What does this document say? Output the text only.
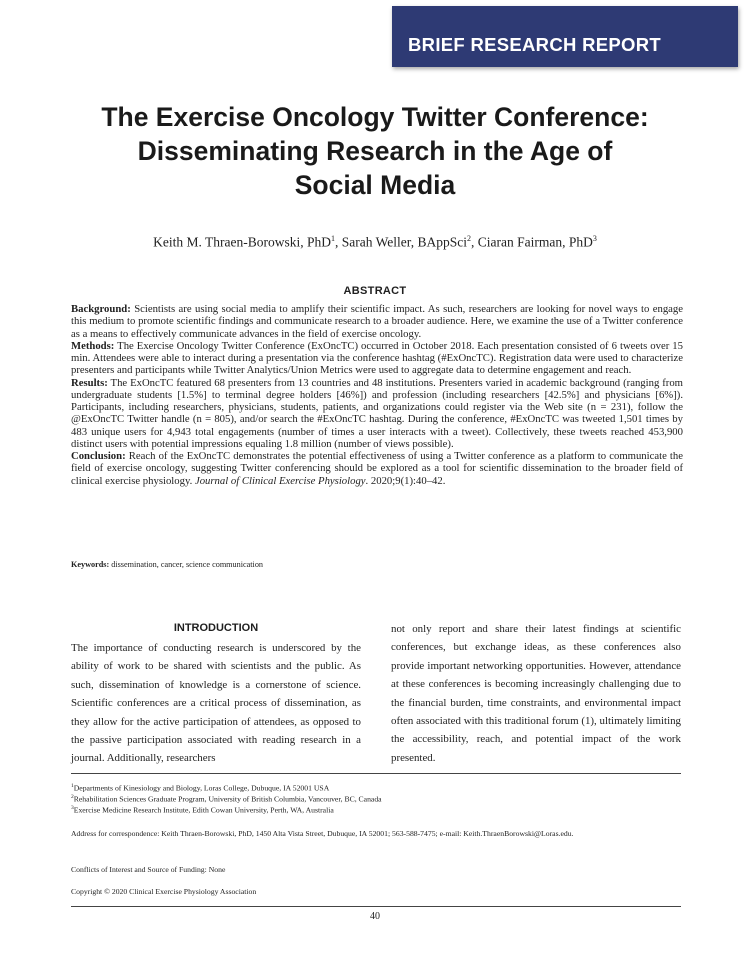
BRIEF RESEARCH REPORT
The Exercise Oncology Twitter Conference:
Disseminating Research in the Age of
Social Media
Keith M. Thraen-Borowski, PhD$^1$, Sarah Weller, BAppSci$^2$, Ciaran Fairman, PhD$^3$
ABSTRACT

Background: Scientists are using social media to amplify their scientific impact. As such, researchers are looking for novel ways to engage this medium to promote scientific findings and communicate research to a broader audience. Here, we examine the use of a Twitter conference as a means to effectively communicate advances in the field of exercise oncology.

Methods: The Exercise Oncology Twitter Conference (ExOncTC) occurred in October 2018. Each presentation consisted of 6 tweets over 15 min. Attendees were able to interact during a presentation via the conference hashtag (#ExOncTC). Registration data were used to characterize presenters and participants while Twitter Analytics/Union Metrics were used to aggregate data to determine engagement and reach.

Results: The ExOncTC featured 68 presenters from 13 countries and 48 institutions. Presenters varied in academic background (ranging from undergraduate students [1.5%] to terminal degree holders [46%]) and profession (including researchers [42.5%] and physicians [6%]). Participants, including researchers, physicians, students, patients, and organizations could register via the Web site (n = 231), follow the @ExOncTC Twitter handle (n = 805), and/or search the #ExOncTC hashtag. During the conference, #ExOncTC was tweeted 1,501 times by 483 unique users for 4,943 total engagements (number of times a user interacts with a tweet). Collectively, these tweets reached 453,900 distinct users with potential impressions equaling 1.8 million (number of views possible).

Conclusion: Reach of the ExOncTC demonstrates the potential effectiveness of using a Twitter conference as a platform to communicate the field of exercise oncology, suggesting Twitter conferencing should be explored as a tool for scientific dissemination to the broader field of clinical exercise physiology. Journal of Clinical Exercise Physiology. 2020;9(1):40–42.

Keywords: dissemination, cancer, science communication
INTRODUCTION

The importance of conducting research is underscored by the ability of work to be shared with scientists and the public. As such, dissemination of knowledge is a cornerstone of science. Scientific conferences are a critical process of dissemination, as they allow for the active participation of attendees, as opposed to the passive participation associated with reading research in a journal. Additionally, researchers

not only report and share their latest findings at scientific conferences, but exchange ideas, as these conferences also provide important networking opportunities. However, attendance at these conferences is becoming increasingly challenging due to the financial burden, time constraints, and environmental impact often associated with this traditional forum (1), ultimately limiting the accessibility, reach, and potential impact of the work presented.

$^1$Departments of Kinesiology and Biology, Loras College, Dubuque, IA 52001 USA

$^2$Rehabilitation Sciences Graduate Program, University of British Columbia, Vancouver, BC, Canada

$^3$Exercise Medicine Research Institute, Edith Cowan University, Perth, WA, Australia

Address for correspondence: Keith Thraen-Borowski, PhD, 1450 Alta Vista Street, Dubuque, IA 52001; 563-588-7475; e-mail: Keith.ThraenBorowski@Loras.edu.

Conflicts of Interest and Source of Funding: None

Copyright © 2020 Clinical Exercise Physiology Association

40
